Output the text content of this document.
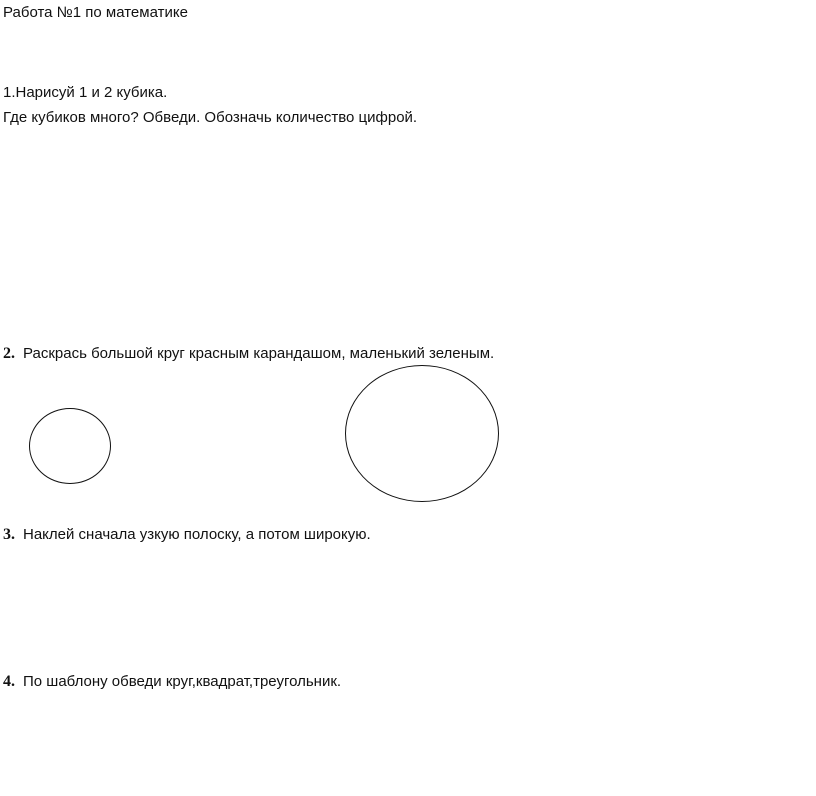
Работа №1 по математике
1.Нарисуй 1 и 2 кубика.
Где кубиков много? Обведи. Обозначь количество цифрой.
2. Раскрась большой круг красным карандашом, маленький зеленым.
3. Наклей сначала узкую полоску, а потом широкую.
4. По шаблону обведи круг,квадрат,треугольник.
